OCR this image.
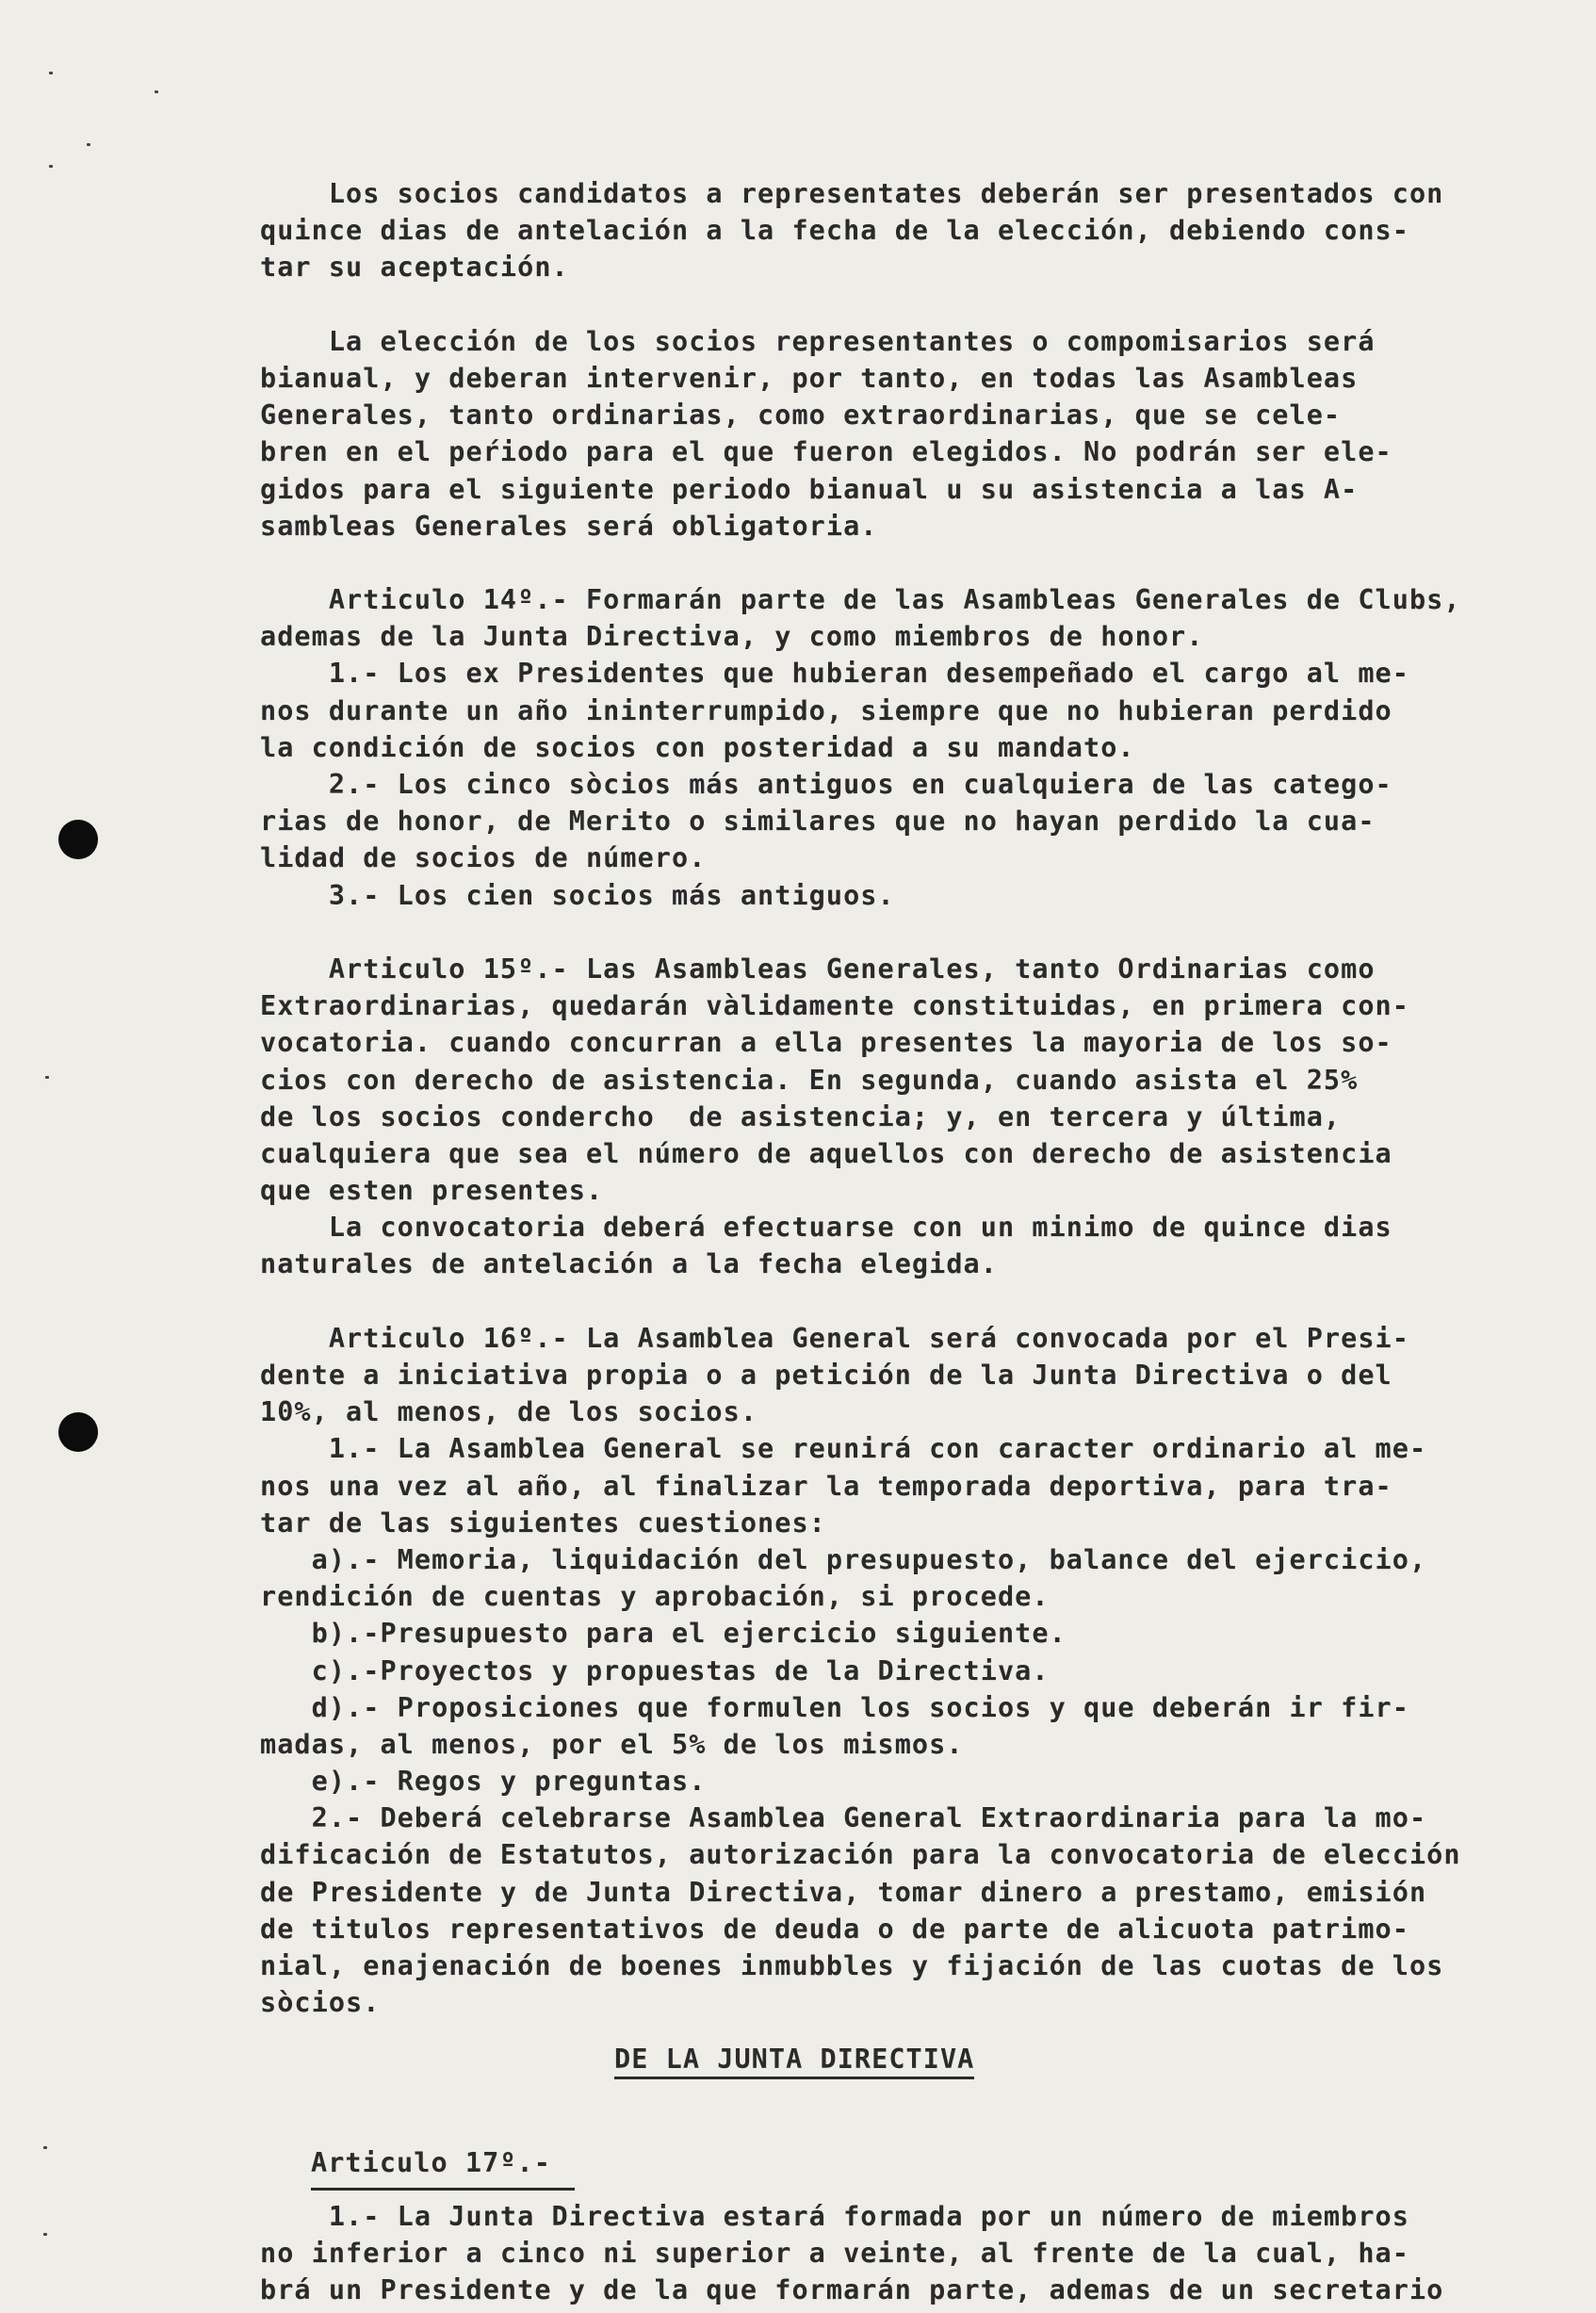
Los socios candidatos a representates deberán ser presentados con
quince dias de antelación a la fecha de la elección, debiendo cons-
tar su aceptación.
La elección de los socios representantes o compomisarios será
bianual, y deberan intervenir, por tanto, en todas las Asambleas
Generales, tanto ordinarias, como extraordinarias, que se cele-
bren en el peŕiodo para el que fueron elegidos. No podrán ser ele-
gidos para el siguiente periodo bianual u su asistencia a las A-
sambleas Generales será obligatoria.
Articulo 14º.- Formarán parte de las Asambleas Generales de Clubs,
ademas de la Junta Directiva, y como miembros de honor.
1.- Los ex Presidentes que hubieran desempeñado el cargo al me-
nos durante un año ininterrumpido, siempre que no hubieran perdido
la condición de socios con posteridad a su mandato.
2.- Los cinco sòcios más antiguos en cualquiera de las catego-
rias de honor, de Merito o similares que no hayan perdido la cua-
lidad de socios de número.
3.- Los cien socios más antiguos.
Articulo 15º.- Las Asambleas Generales, tanto Ordinarias como
Extraordinarias, quedarán vàlidamente constituidas, en primera con-
vocatoria. cuando concurran a ella presentes la mayoria de los so-
cios con derecho de asistencia. En segunda, cuando asista el 25%
de los socios condercho  de asistencia; y, en tercera y última,
cualquiera que sea el número de aquellos con derecho de asistencia
que esten presentes.
La convocatoria deberá efectuarse con un minimo de quince dias
naturales de antelación a la fecha elegida.
Articulo 16º.- La Asamblea General será convocada por el Presi-
dente a iniciativa propia o a petición de la Junta Directiva o del
10%, al menos, de los socios.
1.- La Asamblea General se reunirá con caracter ordinario al me-
nos una vez al año, al finalizar la temporada deportiva, para tra-
tar de las siguientes cuestiones:
a).- Memoria, liquidación del presupuesto, balance del ejercicio,
rendición de cuentas y aprobación, si procede.
b).-Presupuesto para el ejercicio siguiente.
c).-Proyectos y propuestas de la Directiva.
d).- Proposiciones que formulen los socios y que deberán ir fir-
madas, al menos, por el 5% de los mismos.
e).- Regos y preguntas.
2.- Deberá celebrarse Asamblea General Extraordinaria para la mo-
dificación de Estatutos, autorización para la convocatoria de elección
de Presidente y de Junta Directiva, tomar dinero a prestamo, emisión
de titulos representativos de deuda o de parte de alicuota patrimo-
nial, enajenación de boenes inmubbles y fijación de las cuotas de los
sòcios.
DE LA JUNTA DIRECTIVA
Articulo 17º.-
1.- La Junta Directiva estará formada por un número de miembros
no inferior a cinco ni superior a veinte, al frente de la cual, ha-
brá un Presidente y de la que formarán parte, ademas de un secretario
